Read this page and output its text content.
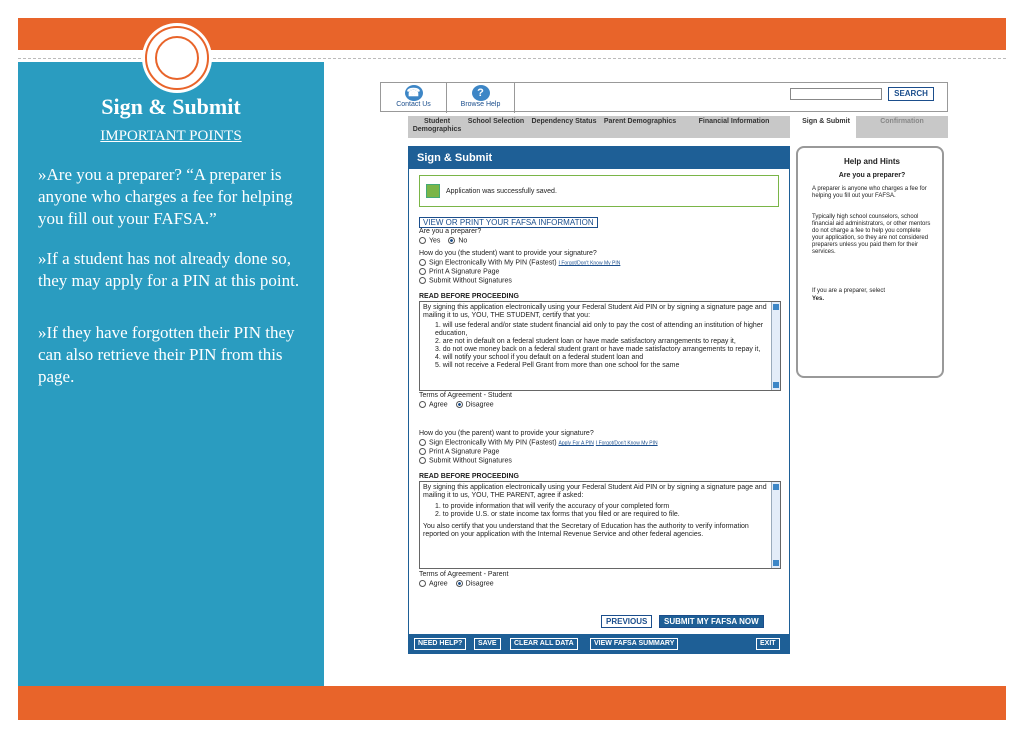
Sign & Submit
IMPORTANT POINTS
»Are you a preparer? “A preparer is anyone who charges a fee for helping you fill out your FAFSA.”
»If a student has not already done so, they may apply for a PIN at this point.
»If they have forgotten their PIN they can also retrieve their PIN from this page.
☎
Contact Us
?
Browse Help
SEARCH
Student Demographics
School Selection	Dependency Status	Parent Demographics	Financial Information	Sign & Submit	Confirmation
Sign & Submit
Application was successfully saved.
VIEW OR PRINT YOUR FAFSA INFORMATION
Are you a preparer?
Yes	No
How do you (the student) want to provide your signature?
Sign Electronically With My PIN (Fastest) I Forgot/Don't Know My PIN
Print A Signature Page
Submit Without Signatures
READ BEFORE PROCEEDING
By signing this application electronically using your Federal Student Aid PIN or by signing a signature page and mailing it to us, YOU, THE STUDENT, certify that you:
1. will use federal and/or state student financial aid only to pay the cost of attending an institution of higher education,
2. are not in default on a federal student loan or have made satisfactory arrangements to repay it,
3. do not owe money back on a federal student grant or have made satisfactory arrangements to repay it,
4. will notify your school if you default on a federal student loan and
5. will not receive a Federal Pell Grant from more than one school for the same
Terms of Agreement - Student
Agree	Disagree
How do you (the parent) want to provide your signature?
Sign Electronically With My PIN (Fastest) Apply For A PIN I Forgot/Don't Know My PIN
Print A Signature Page
Submit Without Signatures
READ BEFORE PROCEEDING
By signing this application electronically using your Federal Student Aid PIN or by signing a signature page and mailing it to us, YOU, THE PARENT, agree if asked:
1. to provide information that will verify the accuracy of your completed form
2. to provide U.S. or state income tax forms that you filed or are required to file.
You also certify that you understand that the Secretary of Education has the authority to verify information reported on your application with the Internal Revenue Service and other federal agencies.
Terms of Agreement - Parent
Agree	Disagree
PREVIOUS	SUBMIT MY FAFSA NOW
NEED HELP?	SAVE	CLEAR ALL DATA	VIEW FAFSA SUMMARY	EXIT
Help and Hints
Are you a preparer?
A preparer is anyone who charges a fee for helping you fill out your FAFSA.
Typically high school counselors, school financial aid administrators, or other mentors do not charge a fee to help you complete your application, so they are not considered preparers unless you paid them for their services.
If you are a preparer, select
Yes.
